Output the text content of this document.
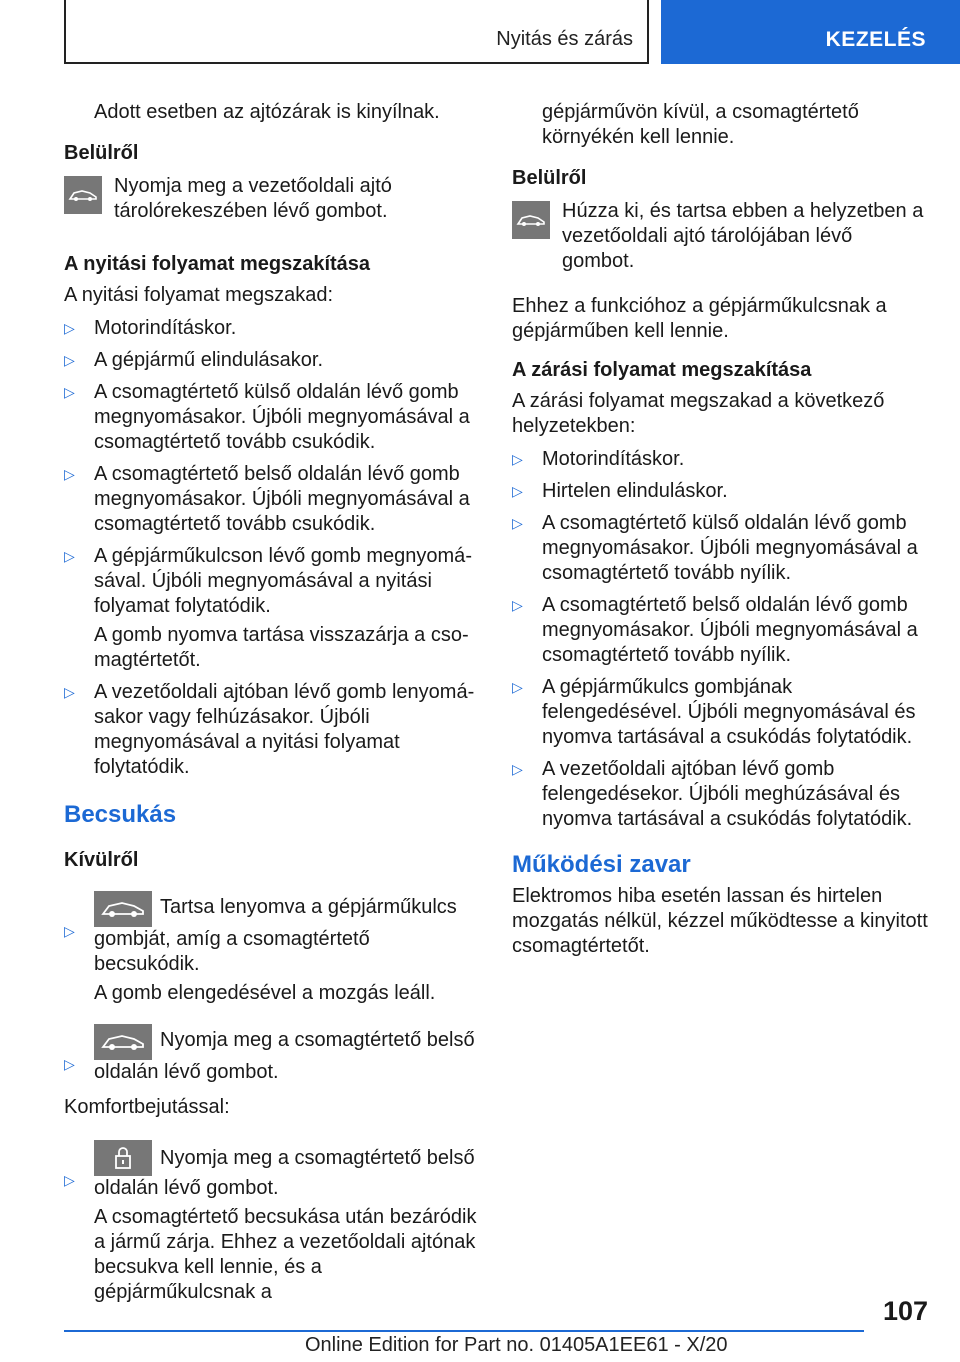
Nyitás és zárás	KEZELÉS

Adott esetben az ajtózárak is kinyílnak.

Belülről

Nyomja meg a vezetőoldali ajtó tárolórekeszében lévő gombot.

A nyitási folyamat megszakítása

A nyitási folyamat megszakad:

▷ Motorindításkor.

▷ A gépjármű elindulásakor.

▷ A csomagtértető külső oldalán lévő gomb megnyomásakor. Újbóli megnyomásával a csomagtértető tovább csukódik.

▷ A csomagtértető belső oldalán lévő gomb megnyomásakor. Újbóli megnyomásával a csomagtértető tovább csukódik.

▷ A gépjárműkulcson lévő gomb megnyomásával. Újbóli megnyomásával a nyitási folyamat folytatódik.

A gomb nyomva tartása visszazárja a csomagtértetőt.

▷ A vezetőoldali ajtóban lévő gomb lenyomásakor vagy felhúzásakor. Újbóli megnyomásával a nyitási folyamat folytatódik.

Becsukás

Kívülről

▷

Tartsa lenyomva a gépjárműkulcs gombját, amíg a csomagtértető becsukódik.

A gomb elengedésével a mozgás leáll.

▷

Nyomja meg a csomagtértető belső oldalán lévő gombot.

Komfortbejutással:

▷

Nyomja meg a csomagtértető belső oldalán lévő gombot.

A csomagtértető becsukása után bezáródik a jármű zárja. Ehhez a vezetőoldali ajtónak becsukva kell lennie, és a gépjárműkulcsnak a

gépjárművön kívül, a csomagtértető környékén kell lennie.

Belülről

Húzza ki, és tartsa ebben a helyzetben a vezetőoldali ajtó tárolójában lévő gombot.

Ehhez a funkcióhoz a gépjárműkulcsnak a gépjárműben kell lennie.

A zárási folyamat megszakítása

A zárási folyamat megszakad a következő helyzetekben:

▷ Motorindításkor.

▷ Hirtelen elinduláskor.

▷ A csomagtértető külső oldalán lévő gomb megnyomásakor. Újbóli megnyomásával a csomagtértető tovább nyílik.

▷ A csomagtértető belső oldalán lévő gomb megnyomásakor. Újbóli megnyomásával a csomagtértető tovább nyílik.

▷ A gépjárműkulcs gombjának felengedésével. Újbóli megnyomásával és nyomva tartásával a csukódás folytatódik.

▷ A vezetőoldali ajtóban lévő gomb felengedésekor. Újbóli meghúzásával és nyomva tartásával a csukódás folytatódik.

Működési zavar

Elektromos hiba esetén lassan és hirtelen mozgatás nélkül, kézzel működtesse a kinyitott csomagtértetőt.

107
Online Edition for Part no. 01405A1EE61 - X/20
